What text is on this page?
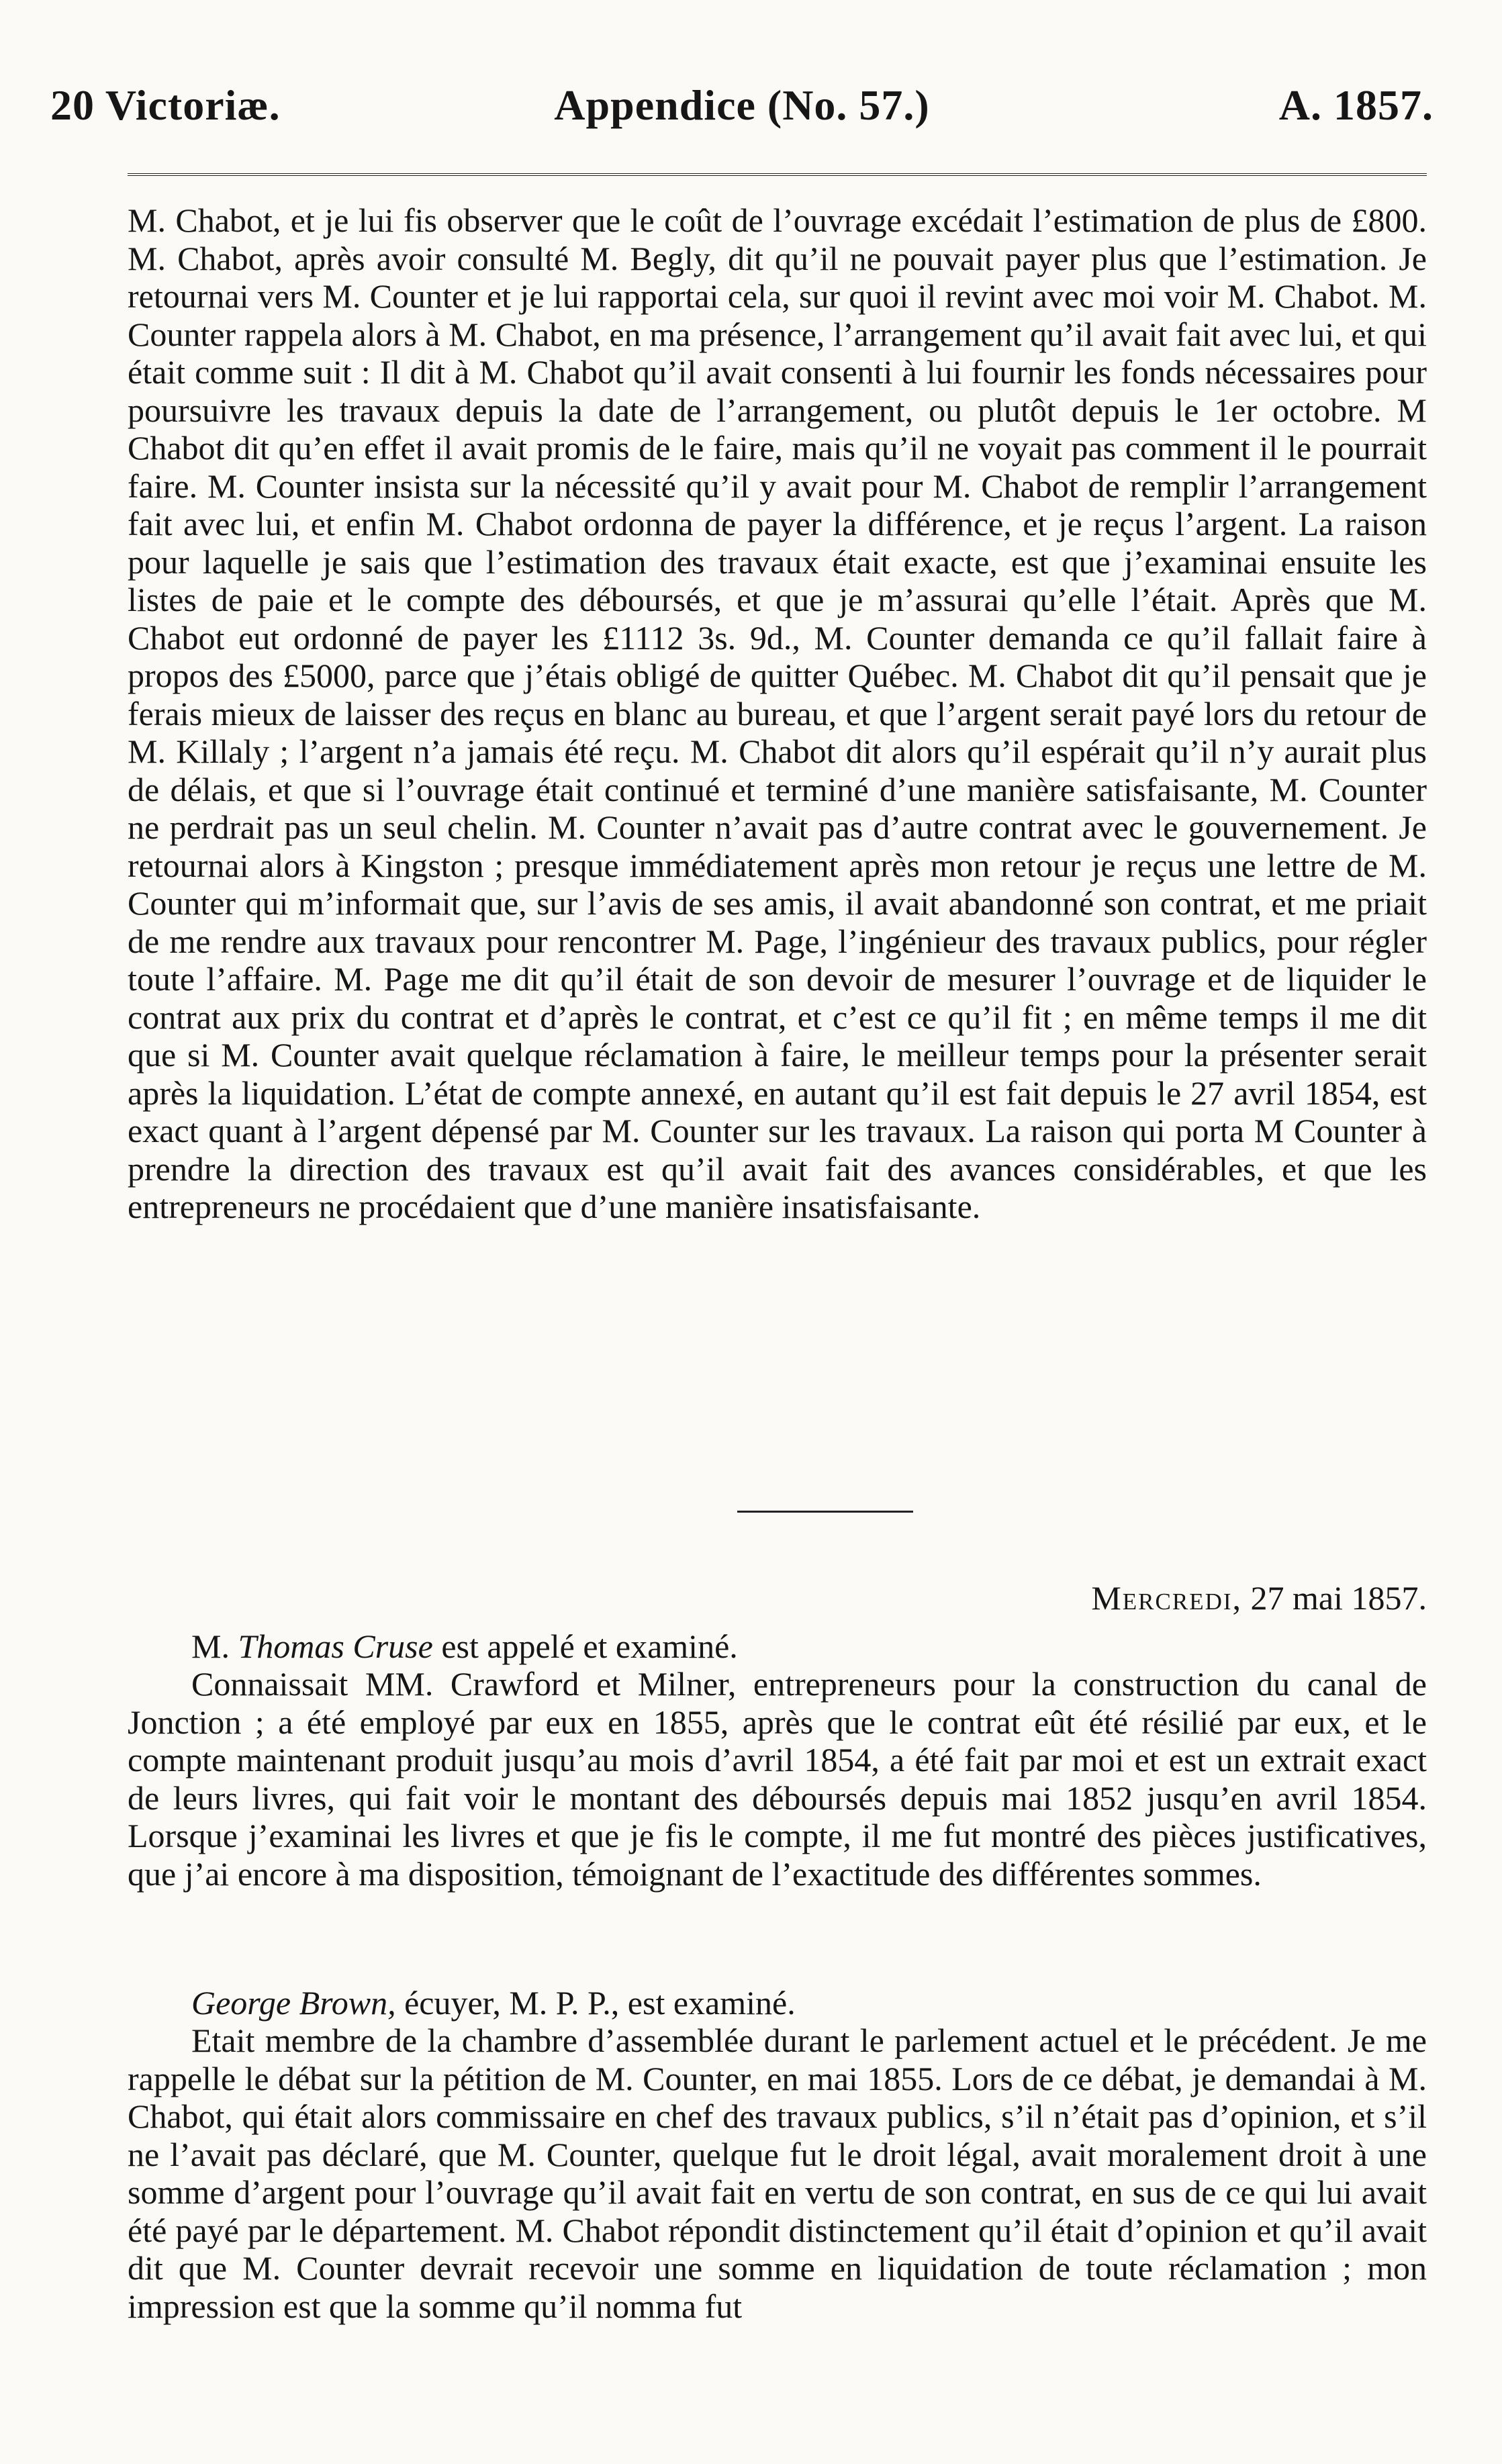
20 Victoriæ.	Appendice (No. 57.)	A. 1857.

M. Chabot, et je lui fis observer que le coût de l’ouvrage excédait l’estimation de plus de £800. M. Chabot, après avoir consulté M. Begly, dit qu’il ne pouvait payer plus que l’estimation. Je retournai vers M. Counter et je lui rapportai cela, sur quoi il revint avec moi voir M. Chabot. M. Counter rappela alors à M. Chabot, en ma présence, l’arrangement qu’il avait fait avec lui, et qui était comme suit : Il dit à M. Chabot qu’il avait consenti à lui fournir les fonds nécessaires pour poursuivre les travaux depuis la date de l’arrangement, ou plutôt depuis le 1er octobre. M Chabot dit qu’en effet il avait promis de le faire, mais qu’il ne voyait pas comment il le pourrait faire. M. Counter insista sur la nécessité qu’il y avait pour M. Chabot de remplir l’arrangement fait avec lui, et enfin M. Chabot ordonna de payer la différence, et je reçus l’argent. La raison pour laquelle je sais que l’estimation des travaux était exacte, est que j’examinai ensuite les listes de paie et le compte des déboursés, et que je m’assurai qu’elle l’était. Après que M. Chabot eut ordonné de payer les £1112 3s. 9d., M. Counter demanda ce qu’il fallait faire à propos des £5000, parce que j’étais obligé de quitter Québec. M. Chabot dit qu’il pensait que je ferais mieux de laisser des reçus en blanc au bureau, et que l’argent serait payé lors du retour de M. Killaly ; l’argent n’a jamais été reçu. M. Chabot dit alors qu’il espérait qu’il n’y aurait plus de délais, et que si l’ouvrage était continué et terminé d’une manière satisfaisante, M. Counter ne perdrait pas un seul chelin. M. Counter n’avait pas d’autre contrat avec le gouvernement. Je retournai alors à Kingston ; presque immédiatement après mon retour je reçus une lettre de M. Counter qui m’informait que, sur l’avis de ses amis, il avait abandonné son contrat, et me priait de me rendre aux travaux pour rencontrer M. Page, l’ingénieur des travaux publics, pour régler toute l’affaire. M. Page me dit qu’il était de son devoir de mesurer l’ouvrage et de liquider le contrat aux prix du contrat et d’après le contrat, et c’est ce qu’il fit ; en même temps il me dit que si M. Counter avait quelque réclamation à faire, le meilleur temps pour la présenter serait après la liquidation. L’état de compte annexé, en autant qu’il est fait depuis le 27 avril 1854, est exact quant à l’argent dépensé par M. Counter sur les travaux. La raison qui porta M Counter à prendre la direction des travaux est qu’il avait fait des avances considérables, et que les entrepreneurs ne procédaient que d’une manière insatisfaisante.

Mercredi, 27 mai 1857.

M. Thomas Cruse est appelé et examiné.

Connaissait MM. Crawford et Milner, entrepreneurs pour la construction du canal de Jonction ; a été employé par eux en 1855, après que le contrat eût été résilié par eux, et le compte maintenant produit jusqu’au mois d’avril 1854, a été fait par moi et est un extrait exact de leurs livres, qui fait voir le montant des déboursés depuis mai 1852 jusqu’en avril 1854. Lorsque j’examinai les livres et que je fis le compte, il me fut montré des pièces justificatives, que j’ai encore à ma disposition, témoignant de l’exactitude des différentes sommes.

George Brown, écuyer, M. P. P., est examiné.

Etait membre de la chambre d’assemblée durant le parlement actuel et le précédent. Je me rappelle le débat sur la pétition de M. Counter, en mai 1855. Lors de ce débat, je demandai à M. Chabot, qui était alors commissaire en chef des travaux publics, s’il n’était pas d’opinion, et s’il ne l’avait pas déclaré, que M. Counter, quelque fut le droit légal, avait moralement droit à une somme d’argent pour l’ouvrage qu’il avait fait en vertu de son contrat, en sus de ce qui lui avait été payé par le département. M. Chabot répondit distinctement qu’il était d’opinion et qu’il avait dit que M. Counter devrait recevoir une somme en liquidation de toute réclamation ; mon impression est que la somme qu’il nomma fut
